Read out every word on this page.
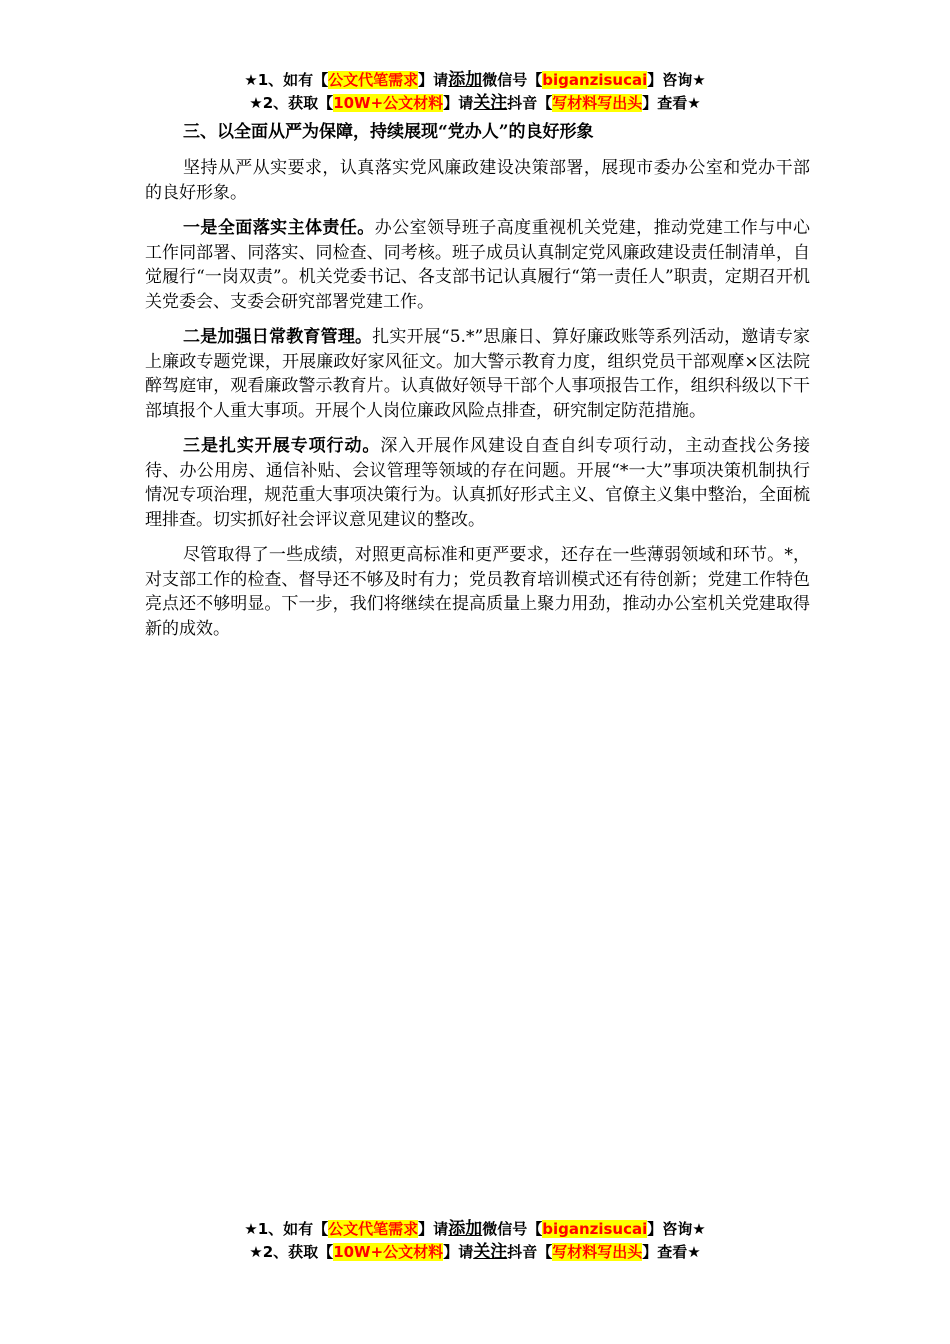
★1、如有【公文代笔需求】请添加微信号【biganzisucai】咨询★
★2、获取【10W+公文材料】请关注抖音【写材料写出头】查看★
三、以全面从严为保障，持续展现“党办人”的良好形象

坚持从严从实要求，认真落实党风廉政建设决策部署，展现市委办公室和党办干部的良好形象。

一是全面落实主体责任。办公室领导班子高度重视机关党建，推动党建工作与中心工作同部署、同落实、同检查、同考核。班子成员认真制定党风廉政建设责任制清单，自觉履行“一岗双责”。机关党委书记、各支部书记认真履行“第一责任人”职责，定期召开机关党委会、支委会研究部署党建工作。

二是加强日常教育管理。扎实开展“5.*”思廉日、算好廉政账等系列活动，邀请专家上廉政专题党课，开展廉政好家风征文。加大警示教育力度，组织党员干部观摩×区法院醉驾庭审，观看廉政警示教育片。认真做好领导干部个人事项报告工作，组织科级以下干部填报个人重大事项。开展个人岗位廉政风险点排查，研究制定防范措施。

三是扎实开展专项行动。深入开展作风建设自查自纠专项行动，主动查找公务接待、办公用房、通信补贴、会议管理等领域的存在问题。开展“*一大”事项决策机制执行情况专项治理，规范重大事项决策行为。认真抓好形式主义、官僚主义集中整治，全面梳理排查。切实抓好社会评议意见建议的整改。

尽管取得了一些成绩，对照更高标准和更严要求，还存在一些薄弱领域和环节。*，对支部工作的检查、督导还不够及时有力；党员教育培训模式还有待创新；党建工作特色亮点还不够明显。下一步，我们将继续在提高质量上聚力用劲，推动办公室机关党建取得新的成效。

★1、如有【公文代笔需求】请添加微信号【biganzisucai】咨询★
★2、获取【10W+公文材料】请关注抖音【写材料写出头】查看★
